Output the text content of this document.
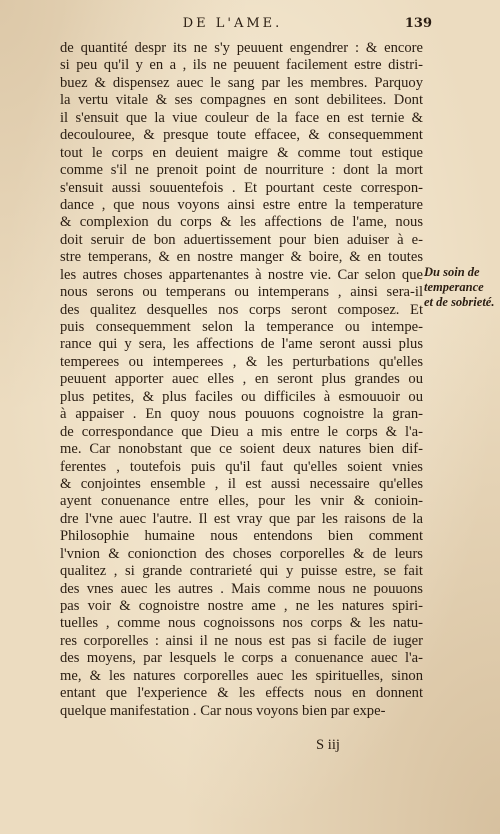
DE L'AME.	139
de quantité despr its ne s'y peuuent engendrer : & encore
si peu qu'il y en a , ils ne peuuent facilement estre distri-
buez & dispensez auec le sang par les membres. Parquoy
la vertu vitale & ses compagnes en sont debilitees. Dont
il s'ensuit que la viue couleur de la face en est ternie &
decoulouree, & presque toute effacee, & consequemment
tout le corps en deuient maigre & comme tout estique
comme s'il ne prenoit point de nourriture : dont la mort
s'ensuit aussi souuentefois . Et pourtant ceste correspon-
dance , que nous voyons ainsi estre entre la temperature
& complexion du corps & les affections de l'ame, nous
doit seruir de bon aduertissement pour bien aduiser à e-
stre temperans, & en nostre manger & boire, & en toutes
les autres choses appartenantes à nostre vie. Car selon que
nous serons ou temperans ou intemperans , ainsi sera-il
des qualitez desquelles nos corps seront composez. Et
puis consequemment selon la temperance ou intempe-
rance qui y sera, les affections de l'ame seront aussi plus
temperees ou intemperees , & les perturbations qu'elles
peuuent apporter auec elles , en seront plus grandes ou
plus petites, & plus faciles ou difficiles à esmouuoir ou
à appaiser . En quoy nous pouuons cognoistre la gran-
de correspondance que Dieu a mis entre le corps & l'a-
me. Car nonobstant que ce soient deux natures bien dif-
ferentes , toutefois puis qu'il faut qu'elles soient vnies
& conjointes ensemble , il est aussi necessaire qu'elles
ayent conuenance entre elles, pour les vnir & conioin-
dre l'vne auec l'autre. Il est vray que par les raisons de la
Philosophie humaine nous entendons bien comment
l'vnion & conionction des choses corporelles & de leurs
qualitez , si grande contrarieté qui y puisse estre, se fait
des vnes auec les autres . Mais comme nous ne pouuons
pas voir & cognoistre nostre ame , ne les natures spiri-
tuelles , comme nous cognoissons nos corps & les natu-
res corporelles : ainsi il ne nous est pas si facile de iuger
des moyens, par lesquels le corps a conuenance auec l'a-
me, & les natures corporelles auec les spirituelles, sinon
entant que l'experience & les effects nous en donnent
quelque manifestation . Car nous voyons bien par expe-
Du soin de
temperance
et de sobrieté.
S iij
